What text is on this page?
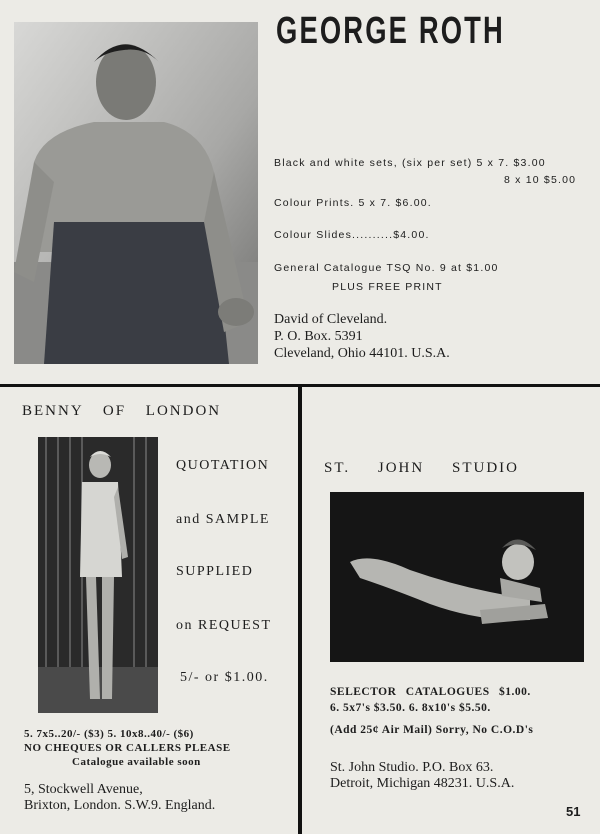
GEORGE ROTH
Black and white sets, (six per set) 5 x 7. $3.00
8 x 10 $5.00
Colour Prints. 5 x 7. $6.00.
Colour Slides..........$4.00.
General Catalogue TSQ No. 9 at $1.00
PLUS FREE PRINT
David of Cleveland.
P. O. Box. 5391
Cleveland, Ohio 44101. U.S.A.
BENNY OF LONDON
QUOTATION
and SAMPLE
SUPPLIED
on REQUEST
5/- or $1.00.
5. 7x5..20/- ($3) 5. 10x8..40/- ($6)
NO CHEQUES OR CALLERS PLEASE
Catalogue available soon
5, Stockwell Avenue,
Brixton, London. S.W.9. England.
ST. JOHN STUDIO
SELECTOR CATALOGUES $1.00.
6. 5x7's $3.50. 6. 8x10's $5.50.
(Add 25¢ Air Mail) Sorry, No C.O.D's
St. John Studio. P.O. Box 63.
Detroit, Michigan 48231. U.S.A.
51
